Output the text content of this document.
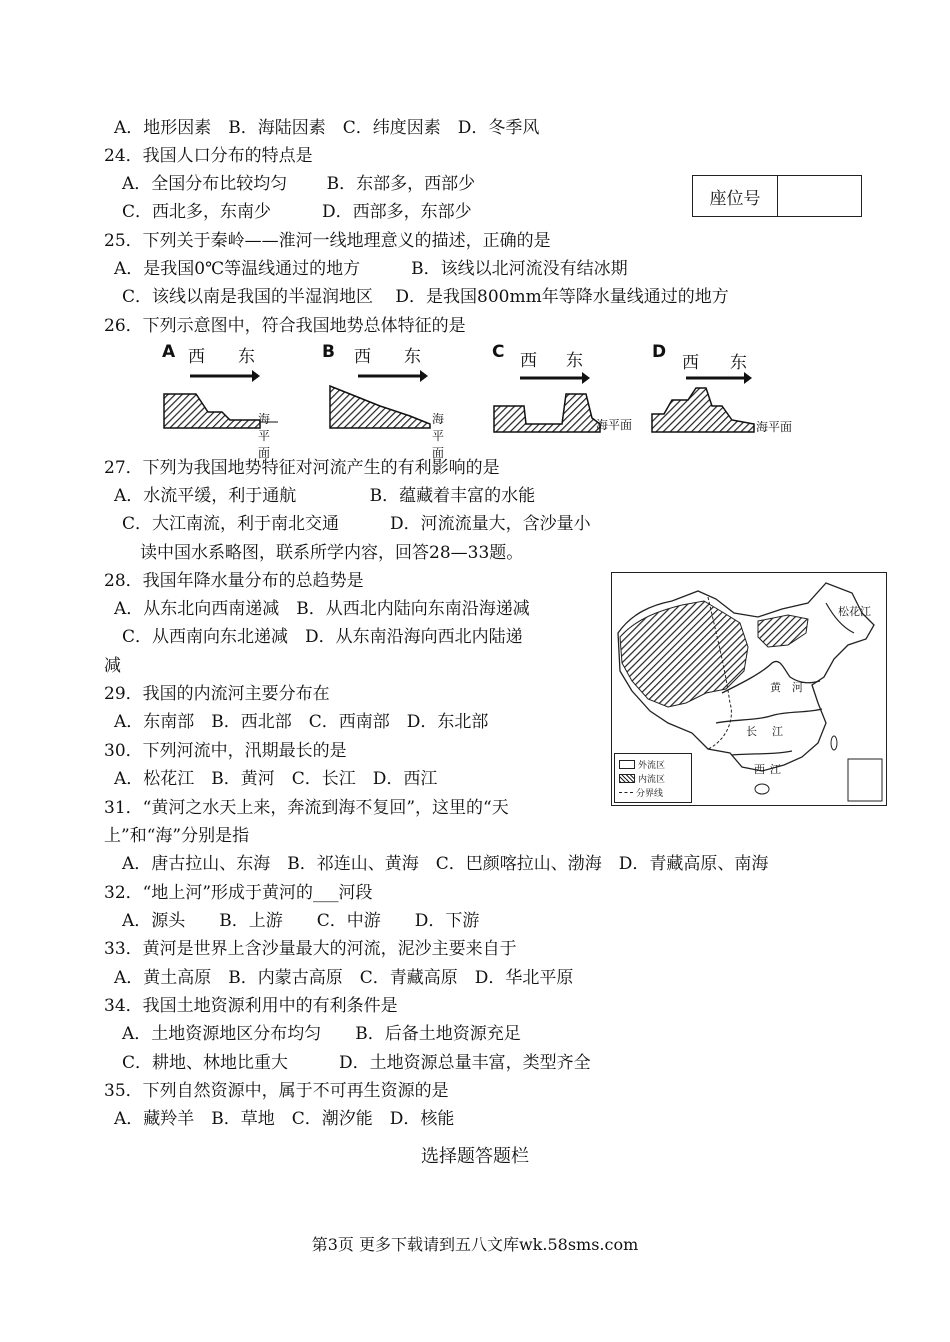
A．地形因素　B．海陆因素　C．纬度因素　D．冬季风
24．我国人口分布的特点是
A．全国分布比较均匀　　 B．东部多，西部少
C．西北多，东南少　　　D．西部多，东部少
25．下列关于秦岭——淮河一线地理意义的描述，正确的是
A．是我国0℃等温线通过的地方　　　B．该线以北河流没有结冰期
C．该线以南是我国的半湿润地区　 D．是我国800mm年等降水量线通过的地方
26．下列示意图中，符合我国地势总体特征的是
27．下列为我国地势特征对河流产生的有利影响的是
A．水流平缓，利于通航　　　　 B．蕴藏着丰富的水能
C．大江南流，利于南北交通　　　D．河流流量大，含沙量小
读中国水系略图，联系所学内容，回答28—33题。
28．我国年降水量分布的总趋势是
A．从东北向西南递减　B．从西北内陆向东南沿海递减
C．从西南向东北递减　D．从东南沿海向西北内陆递
减
29．我国的内流河主要分布在
A．东南部　B．西北部　C．西南部　D．东北部
30．下列河流中，汛期最长的是
A．松花江　B．黄河　C．长江　D．西江
31．“黄河之水天上来，奔流到海不复回”，这里的“天
上”和“海”分别是指
A．唐古拉山、东海　B．祁连山、黄海　C．巴颜喀拉山、渤海　D．青藏高原、南海
32．“地上河”形成于黄河的___河段
A．源头　　B．上游　　C．中游　　D．下游
33．黄河是世界上含沙量最大的河流，泥沙主要来自于
A．黄土高原　B．内蒙古高原　C．青藏高原　D．华北平原
34．我国土地资源利用中的有利条件是
A．土地资源地区分布均匀　　B．后备土地资源充足
C．耕地、林地比重大　　　D．土地资源总量丰富，类型齐全
35．下列自然资源中，属于不可再生资源的是
A．藏羚羊　B．草地　C．潮汐能　D．核能
座位号
A 西 东
海平面
B 西 东
海平面
C 西 东
海平面
D
西 东
海平面
松花江
黄 河
长 江
西 江
外流区
内流区
分界线
选择题答题栏
第3页 更多下载请到五八文库wk.58sms.com
